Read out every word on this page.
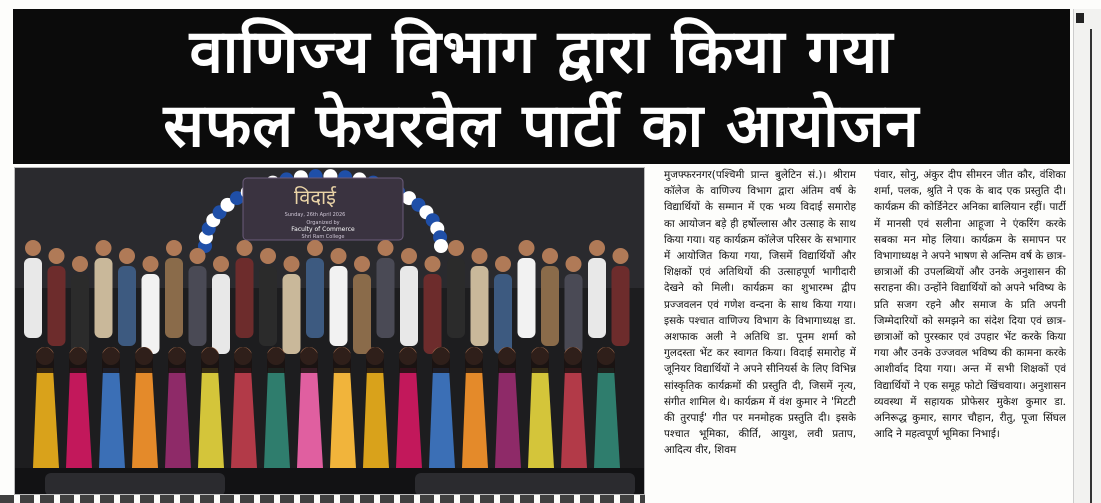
वाणिज्य विभाग द्वारा किया गया
सफल फेयरवेल पार्टी का आयोजन
विदाई
Sunday, 26th April 2026
Organized by
Faculty of Commerce
Shri Ram College
मुजफ्फरनगर(पश्चिमी प्रान्त बुलेटिन सं.)। श्रीराम कॉलेज के वाणिज्य विभाग द्वारा अंतिम वर्ष के विद्यार्थियों के सम्मान में एक भव्य विदाई समारोह का आयोजन बड़े ही हर्षोल्लास और उत्साह के साथ किया गया। यह कार्यक्रम कॉलेज परिसर के सभागार में आयोजित किया गया, जिसमें विद्यार्थियों और शिक्षकों एवं अतिथियों की उत्साहपूर्ण भागीदारी देखने को मिली। कार्यक्रम का शुभारम्भ द्वीप प्रज्जवलन एवं गणेश वन्दना के साथ किया गया। इसके पश्चात वाणिज्य विभाग के विभागाध्यक्ष डा. अशफाक अली ने अतिथि डा. पूनम शर्मा को गुलदस्ता भेंट कर स्वागत किया। विदाई समारोह में जूनियर विद्यार्थियों ने अपने सीनियर्स के लिए विभिन्न सांस्कृतिक कार्यक्रमों की प्रस्तुति दी, जिसमें नृत्य, संगीत शामिल थे। कार्यक्रम में वंश कुमार ने 'मिटटी की तुरपाई' गीत पर मनमोहक प्रस्तुति दी। इसके पश्चात भूमिका, कीर्ति, आयुश, लवी प्रताप, आदित्य वीर, शिवम
पंवार, सोनु, अंकुर दीप सीमरन जीत कौर, वंशिका शर्मा, पलक, श्रुति ने एक के बाद एक प्रस्तुति दी। कार्यक्रम की कोर्डिनेटर अनिका बालियान रहीं। पार्टी में मानसी एवं सलीना आहूजा ने एंकरिंग करके सबका मन मोह लिया। कार्यक्रम के समापन पर विभागाध्यक्ष ने अपने भाषण से अन्तिम वर्ष के छात्र-छात्राओं की उपलब्धियों और उनके अनुशासन की सराहना की। उन्होंने विद्यार्थियों को अपने भविष्य के प्रति सजग रहने और समाज के प्रति अपनी जिम्मेदारियों को समझने का संदेश दिया एवं छात्र-छात्राओं को पुरस्कार एवं उपहार भेंट करके किया गया और उनके उज्जवल भविष्य की कामना करके आशीर्वाद दिया गया। अन्त में सभी शिक्षकों एवं विद्यार्थियों ने एक समूह फोटो खिंचवाया। अनुशासन व्यवस्था में सहायक प्रोफेसर मुकेश कुमार डा. अनिरूद्ध कुमार, सागर चौहान, रीतु, पूजा सिंघल आदि ने महत्वपूर्ण भूमिका निभाई।
